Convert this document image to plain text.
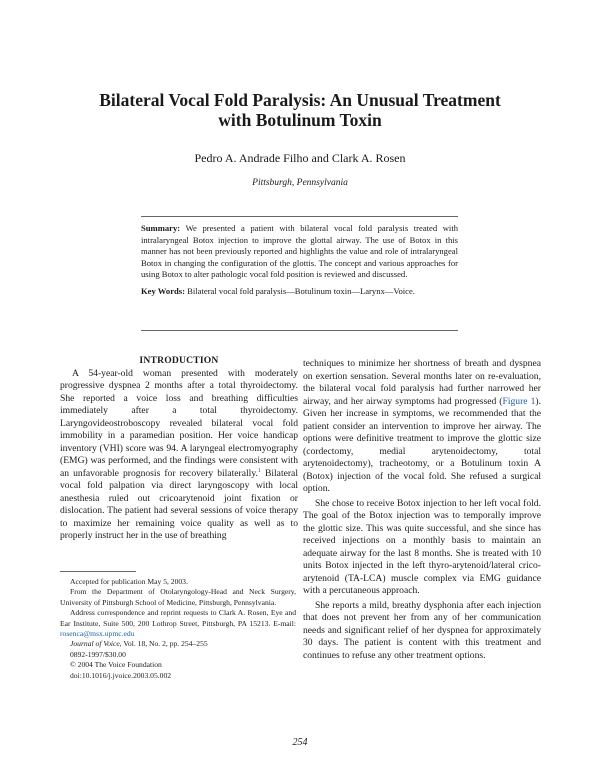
Bilateral Vocal Fold Paralysis: An Unusual Treatment
with Botulinum Toxin
Pedro A. Andrade Filho and Clark A. Rosen
Pittsburgh, Pennsylvania

Summary: We presented a patient with bilateral vocal fold paralysis treated with intralaryngeal Botox injection to improve the glottal airway. The use of Botox in this manner has not been previously reported and highlights the value and role of intralaryngeal Botox in changing the configuration of the glottis. The concept and various approaches for using Botox to alter pathologic vocal fold position is reviewed and discussed.

Key Words: Bilateral vocal fold paralysis—Botulinum toxin—Larynx—Voice.

INTRODUCTION

A 54-year-old woman presented with moderately progressive dyspnea 2 months after a total thyroidectomy. She reported a voice loss and breathing difficulties immediately after a total thyroidectomy. Laryngovideostroboscopy revealed bilateral vocal fold immobility in a paramedian position. Her voice handicap inventory (VHI) score was 94. A laryngeal electromyography (EMG) was performed, and the findings were consistent with an unfavorable prognosis for recovery bilaterally.$^1$ Bilateral vocal fold palpation via direct laryngoscopy with local anesthesia ruled out cricoarytenoid joint fixation or dislocation. The patient had several sessions of voice therapy to maximize her remaining voice quality as well as to properly instruct her in the use of breathing

techniques to minimize her shortness of breath and dyspnea on exertion sensation. Several months later on re-evaluation, the bilateral vocal fold paralysis had further narrowed her airway, and her airway symptoms had progressed (Figure 1). Given her increase in symptoms, we recommended that the patient consider an intervention to improve her airway. The options were definitive treatment to improve the glottic size (cordectomy, medial arytenoidectomy, total arytenoidectomy), tracheotomy, or a Botulinum toxin A (Botox) injection of the vocal fold. She refused a surgical option.

She chose to receive Botox injection to her left vocal fold. The goal of the Botox injection was to temporally improve the glottic size. This was quite successful, and she since has received injections on a monthly basis to maintain an adequate airway for the last 8 months. She is treated with 10 units Botox injected in the left thyro-arytenoid/lateral crico-arytenoid (TA-LCA) muscle complex via EMG guidance with a percutaneous approach.

She reports a mild, breathy dysphonia after each injection that does not prevent her from any of her communication needs and significant relief of her dyspnea for approximately 30 days. The patient is content with this treatment and continues to refuse any other treatment options.

Accepted for publication May 5, 2003.

From the Department of Otolaryngology-Head and Neck Surgery, University of Pittsburgh School of Medicine, Pittsburgh, Pennsylvania.

Address correspondence and reprint requests to Clark A. Rosen, Eye and Ear Institute, Suite 500, 200 Lothrop Street, Pittsburgh, PA 15213. E-mail: rosenca@msx.upmc.edu

Journal of Voice, Vol. 18, No. 2, pp. 254–255

0892-1997/$30.00

© 2004 The Voice Foundation

doi:10.1016/j.jvoice.2003.05.002

254
